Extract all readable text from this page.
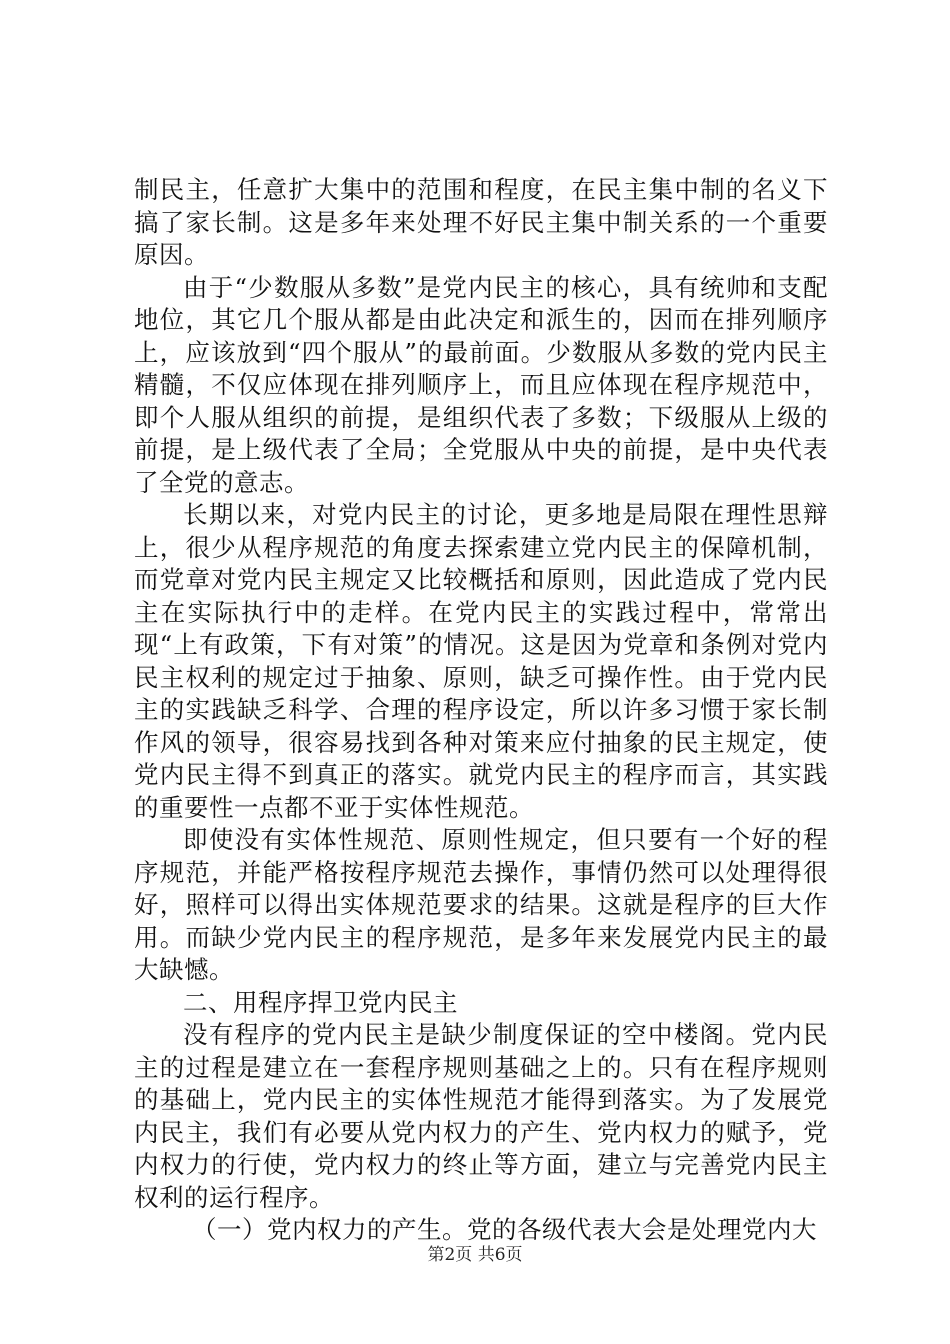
制民主，任意扩大集中的范围和程度，在民主集中制的名义下搞了家长制。这是多年来处理不好民主集中制关系的一个重要原因。

由于“少数服从多数”是党内民主的核心，具有统帅和支配地位，其它几个服从都是由此决定和派生的，因而在排列顺序上，应该放到“四个服从”的最前面。少数服从多数的党内民主精髓，不仅应体现在排列顺序上，而且应体现在程序规范中，即个人服从组织的前提，是组织代表了多数；下级服从上级的前提，是上级代表了全局；全党服从中央的前提，是中央代表了全党的意志。

长期以来，对党内民主的讨论，更多地是局限在理性思辩上，很少从程序规范的角度去探索建立党内民主的保障机制，而党章对党内民主规定又比较概括和原则，因此造成了党内民主在实际执行中的走样。在党内民主的实践过程中，常常出现“上有政策，下有对策”的情况。这是因为党章和条例对党内民主权利的规定过于抽象、原则，缺乏可操作性。由于党内民主的实践缺乏科学、合理的程序设定，所以许多习惯于家长制作风的领导，很容易找到各种对策来应付抽象的民主规定，使党内民主得不到真正的落实。就党内民主的程序而言，其实践的重要性一点都不亚于实体性规范。

即使没有实体性规范、原则性规定，但只要有一个好的程序规范，并能严格按程序规范去操作，事情仍然可以处理得很好，照样可以得出实体规范要求的结果。这就是程序的巨大作用。而缺少党内民主的程序规范，是多年来发展党内民主的最大缺憾。

二、用程序捍卫党内民主

没有程序的党内民主是缺少制度保证的空中楼阁。党内民主的过程是建立在一套程序规则基础之上的。只有在程序规则的基础上，党内民主的实体性规范才能得到落实。为了发展党内民主，我们有必要从党内权力的产生、党内权力的赋予，党内权力的行使，党内权力的终止等方面，建立与完善党内民主权利的运行程序。

（一）党内权力的产生。党的各级代表大会是处理党内大

第2页 共6页
